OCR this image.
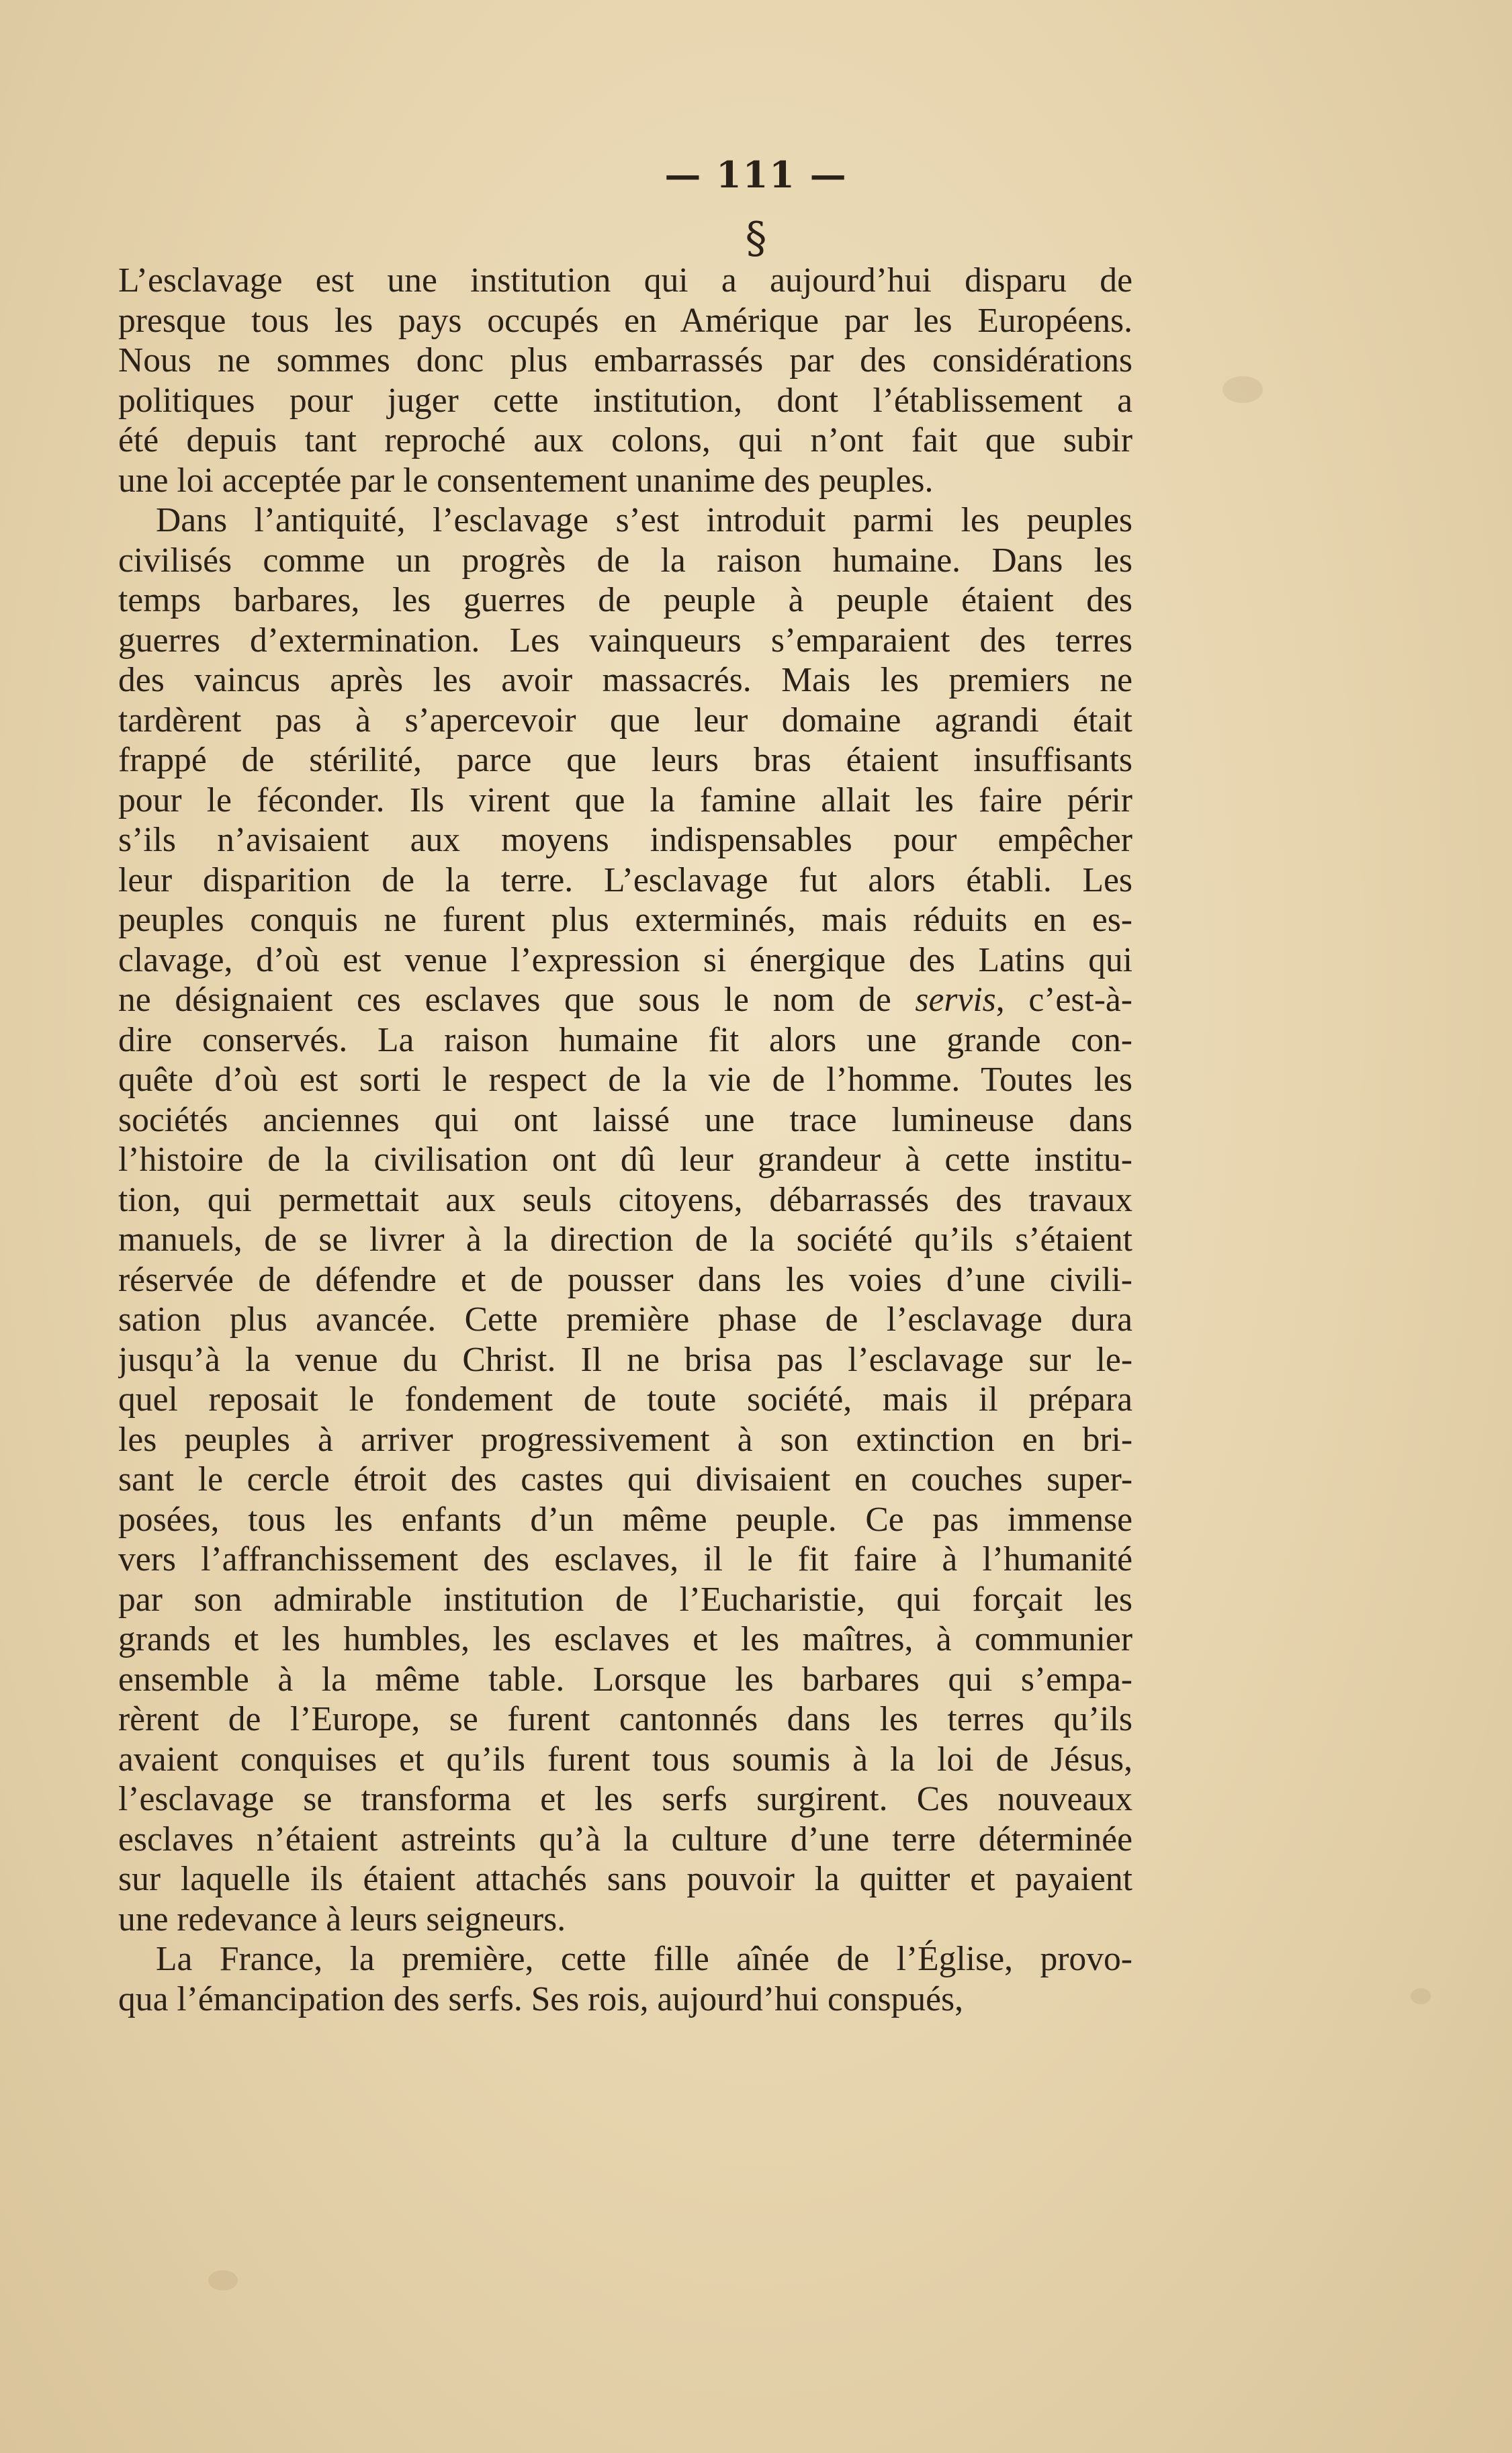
— 111 —
§
L’esclavage est une institution qui a aujourd’hui disparu de
presque tous les pays occupés en Amérique par les Européens.
Nous ne sommes donc plus embarrassés par des considérations
politiques pour juger cette institution, dont l’établissement a
été depuis tant reproché aux colons, qui n’ont fait que subir
une loi acceptée par le consentement unanime des peuples.
Dans l’antiquité, l’esclavage s’est introduit parmi les peuples
civilisés comme un progrès de la raison humaine. Dans les
temps barbares, les guerres de peuple à peuple étaient des
guerres d’extermination. Les vainqueurs s’emparaient des terres
des vaincus après les avoir massacrés. Mais les premiers ne
tardèrent pas à s’apercevoir que leur domaine agrandi était
frappé de stérilité, parce que leurs bras étaient insuffisants
pour le féconder. Ils virent que la famine allait les faire périr
s’ils n’avisaient aux moyens indispensables pour empêcher
leur disparition de la terre. L’esclavage fut alors établi. Les
peuples conquis ne furent plus exterminés, mais réduits en es-
clavage, d’où est venue l’expression si énergique des Latins qui
ne désignaient ces esclaves que sous le nom de servis, c’est-à-
dire conservés. La raison humaine fit alors une grande con-
quête d’où est sorti le respect de la vie de l’homme. Toutes les
sociétés anciennes qui ont laissé une trace lumineuse dans
l’histoire de la civilisation ont dû leur grandeur à cette institu-
tion, qui permettait aux seuls citoyens, débarrassés des travaux
manuels, de se livrer à la direction de la société qu’ils s’étaient
réservée de défendre et de pousser dans les voies d’une civili-
sation plus avancée. Cette première phase de l’esclavage dura
jusqu’à la venue du Christ. Il ne brisa pas l’esclavage sur le-
quel reposait le fondement de toute société, mais il prépara
les peuples à arriver progressivement à son extinction en bri-
sant le cercle étroit des castes qui divisaient en couches super-
posées, tous les enfants d’un même peuple. Ce pas immense
vers l’affranchissement des esclaves, il le fit faire à l’humanité
par son admirable institution de l’Eucharistie, qui forçait les
grands et les humbles, les esclaves et les maîtres, à communier
ensemble à la même table. Lorsque les barbares qui s’empa-
rèrent de l’Europe, se furent cantonnés dans les terres qu’ils
avaient conquises et qu’ils furent tous soumis à la loi de Jésus,
l’esclavage se transforma et les serfs surgirent. Ces nouveaux
esclaves n’étaient astreints qu’à la culture d’une terre déterminée
sur laquelle ils étaient attachés sans pouvoir la quitter et payaient
une redevance à leurs seigneurs.
La France, la première, cette fille aînée de l’Église, provo-
qua l’émancipation des serfs. Ses rois, aujourd’hui conspués,
